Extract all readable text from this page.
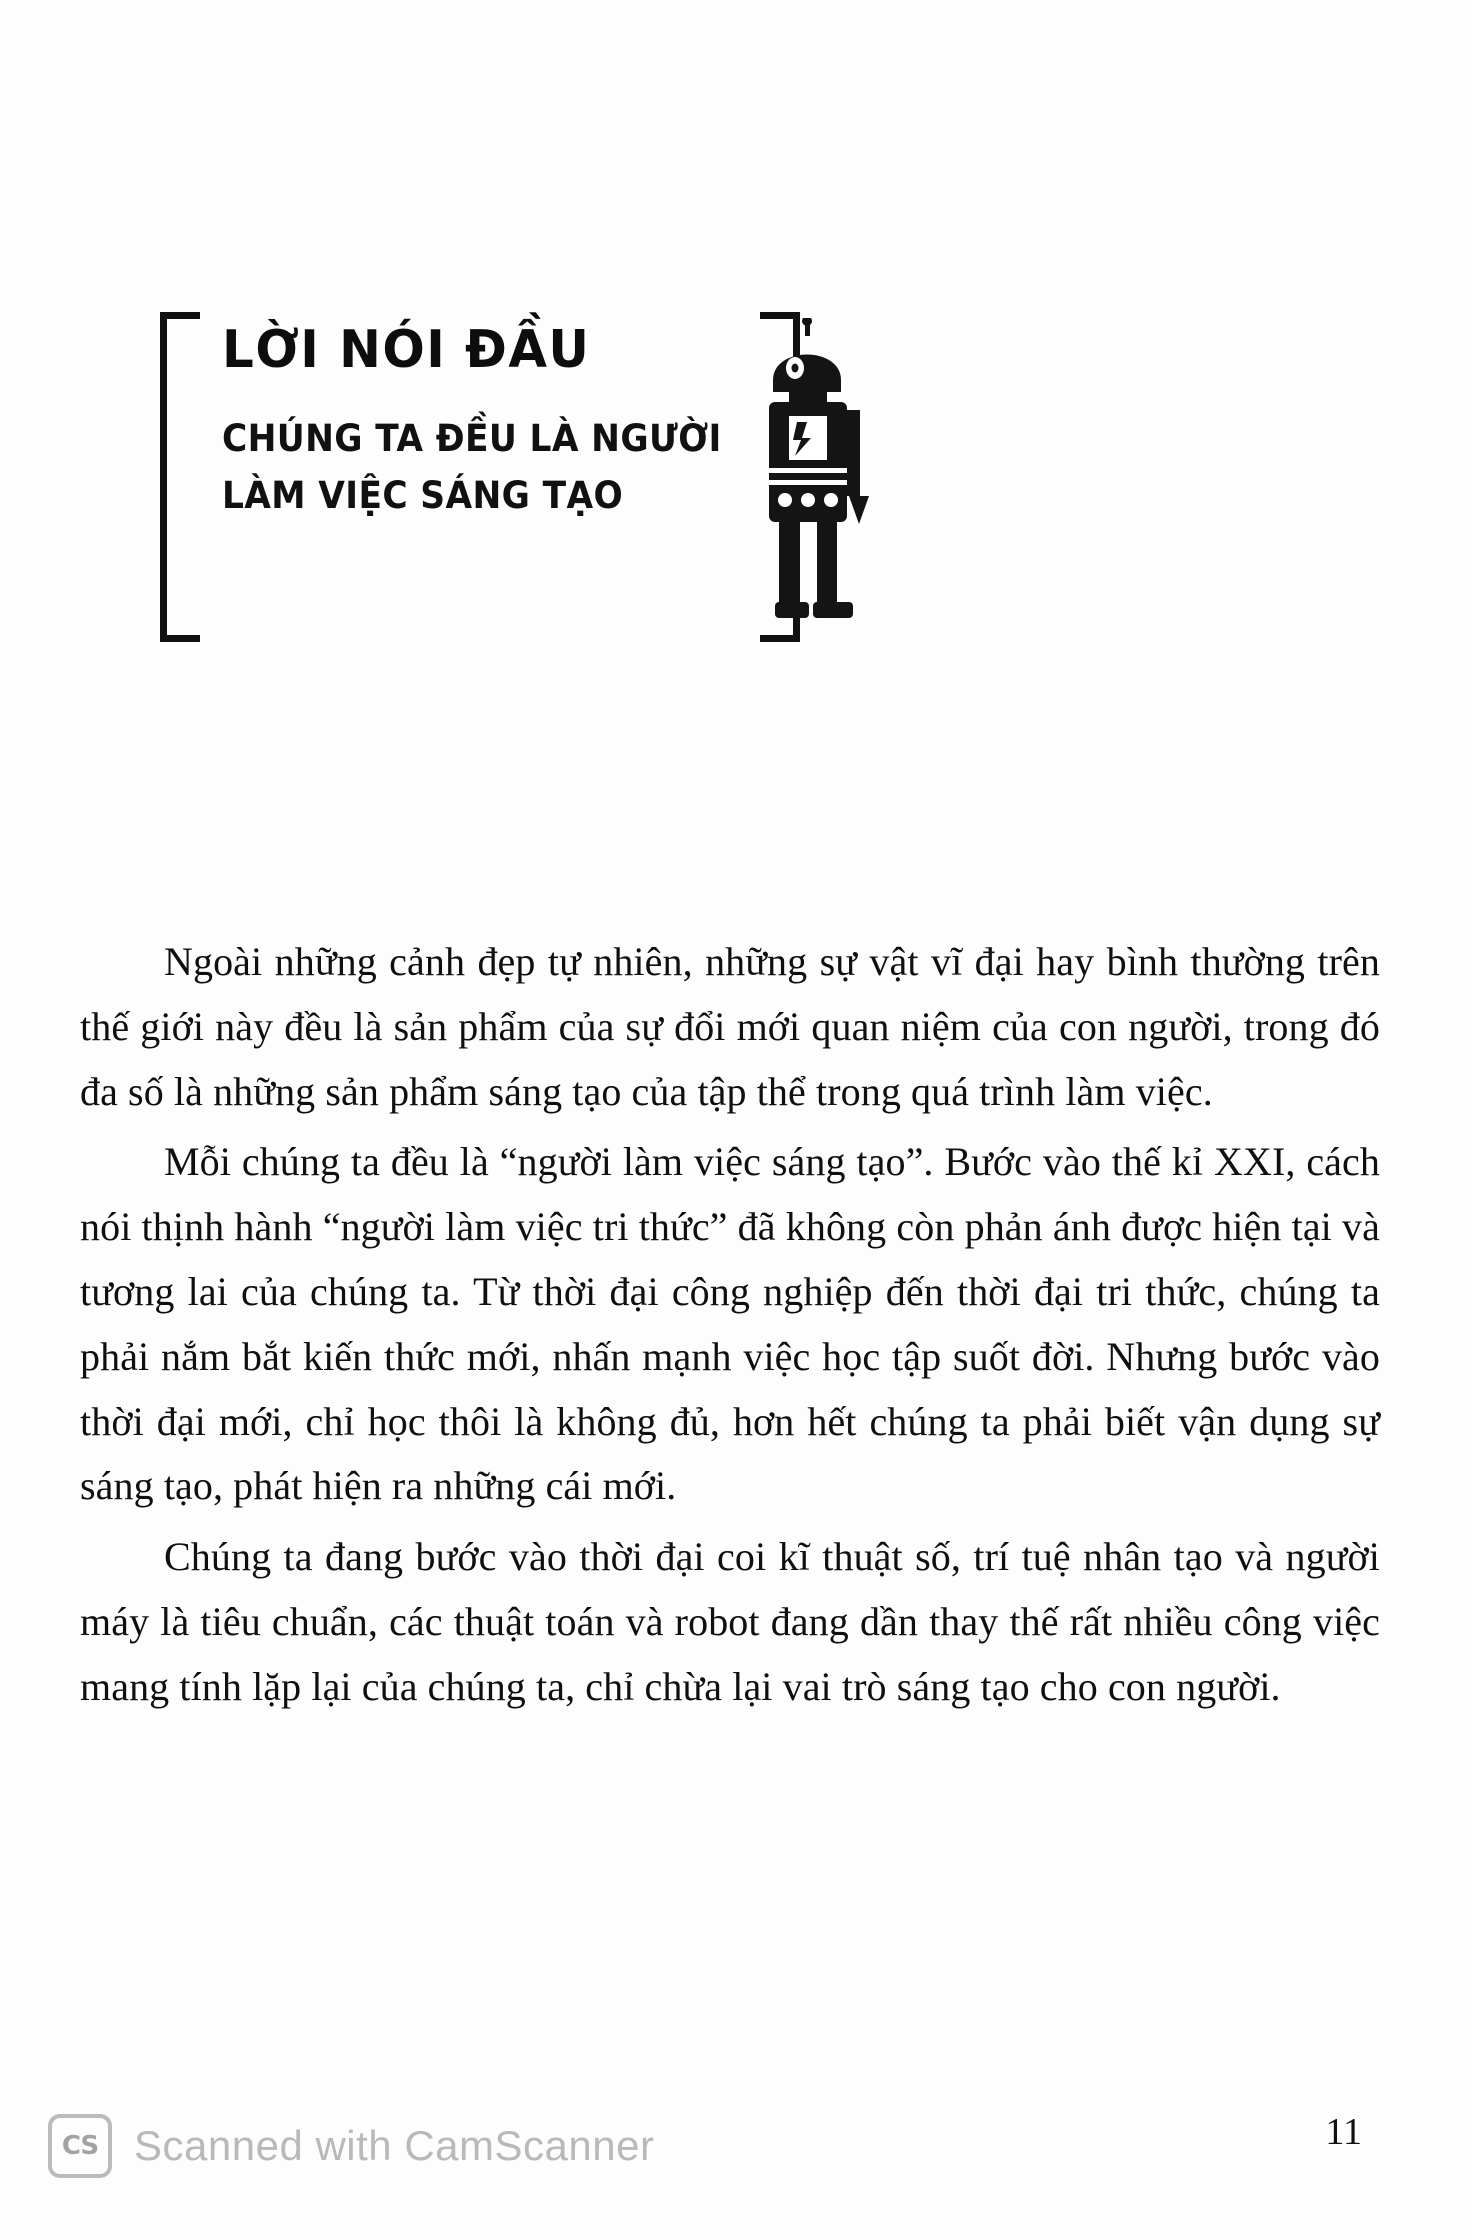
LỜI NÓI ĐẦU
CHÚNG TA ĐỀU LÀ NGƯỜI
LÀM VIỆC SÁNG TẠO

Ngoài những cảnh đẹp tự nhiên, những sự vật vĩ đại hay bình thường trên thế giới này đều là sản phẩm của sự đổi mới quan niệm của con người, trong đó đa số là những sản phẩm sáng tạo của tập thể trong quá trình làm việc.

Mỗi chúng ta đều là “người làm việc sáng tạo”. Bước vào thế kỉ XXI, cách nói thịnh hành “người làm việc tri thức” đã không còn phản ánh được hiện tại và tương lai của chúng ta. Từ thời đại công nghiệp đến thời đại tri thức, chúng ta phải nắm bắt kiến thức mới, nhấn mạnh việc học tập suốt đời. Nhưng bước vào thời đại mới, chỉ học thôi là không đủ, hơn hết chúng ta phải biết vận dụng sự sáng tạo, phát hiện ra những cái mới.

Chúng ta đang bước vào thời đại coi kĩ thuật số, trí tuệ nhân tạo và người máy là tiêu chuẩn, các thuật toán và robot đang dần thay thế rất nhiều công việc mang tính lặp lại của chúng ta, chỉ chừa lại vai trò sáng tạo cho con người.

11
CS Scanned with CamScanner
